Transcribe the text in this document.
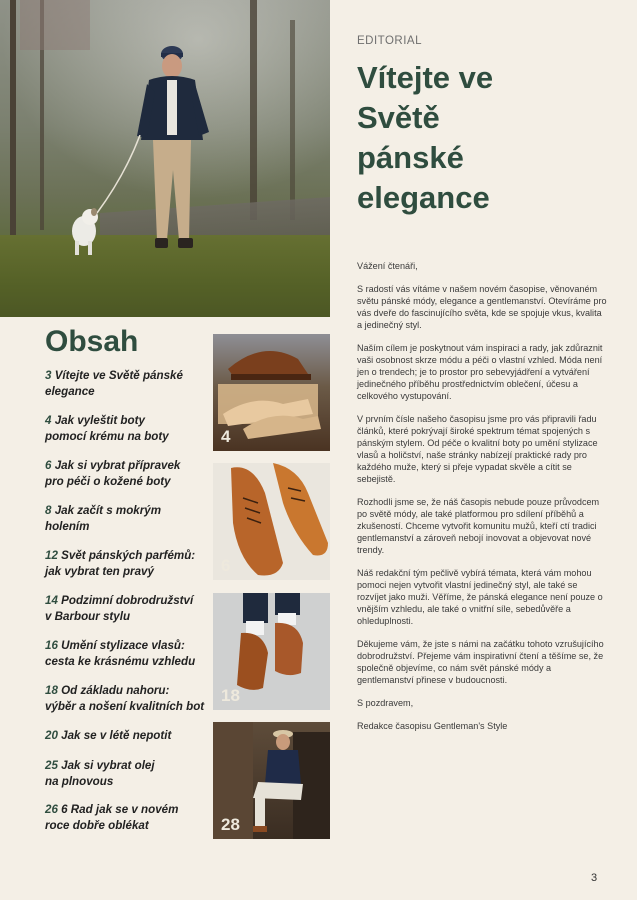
EDITORIAL
Vítejte ve
Světě
pánské
elegance

Vážení čtenáři,

S radostí vás vítáme v našem novém časopise, věnovaném světu pánské módy, elegance a gentlemanství. Otevíráme pro vás dveře do fascinujícího světa, kde se spojuje vkus, kvalita a jedinečný styl.

Naším cílem je poskytnout vám inspiraci a rady, jak zdůraznit vaši osobnost skrze módu a péči o vlastní vzhled. Móda není jen o trendech; je to prostor pro sebevyjádření a vytváření jedinečného příběhu prostřednictvím oblečení, účesu a celkového vystupování.

V prvním čísle našeho časopisu jsme pro vás připravili řadu článků, které pokrývají široké spektrum témat spojených s pánským stylem. Od péče o kvalitní boty po umění stylizace vlasů a holičství, naše stránky nabízejí praktické rady pro každého muže, který si přeje vypadat skvěle a cítit se sebejistě.

Rozhodli jsme se, že náš časopis nebude pouze průvodcem po světě módy, ale také platformou pro sdílení příběhů a zkušeností. Chceme vytvořit komunitu mužů, kteří ctí tradici gentlemanství a zároveň nebojí inovovat a objevovat nové trendy.

Náš redakční tým pečlivě vybírá témata, která vám mohou pomoci nejen vytvořit vlastní jedinečný styl, ale také se rozvíjet jako muži. Věříme, že pánská elegance není pouze o vnějším vzhledu, ale také o vnitřní síle, sebedůvěře a ohleduplnosti.

Děkujeme vám, že jste s námi na začátku tohoto vzrušujícího dobrodružství. Přejeme vám inspirativní čtení a těšíme se, že společně objevíme, co nám svět pánské módy a gentlemanství přinese v budoucnosti.

S pozdravem,

Redakce časopisu Gentleman's Style

Obsah
3 Vítejte ve Světě pánské
elegance
4 Jak vyleštit boty
pomocí krému na boty
6 Jak si vybrat přípravek
pro péči o kožené boty
8 Jak začít s mokrým
holením
12 Svět pánských parfémů:
jak vybrat ten pravý
14 Podzimní dobrodružství
v Barbour stylu
16 Umění stylizace vlasů:
cesta ke krásnému vzhledu
18 Od základu nahoru:
výběr a nošení kvalitních bot
20 Jak se v létě nepotit
25 Jak si vybrat olej
na plnovous
26 6 Rad jak se v novém
roce dobře oblékat
4
6
18
28
3
